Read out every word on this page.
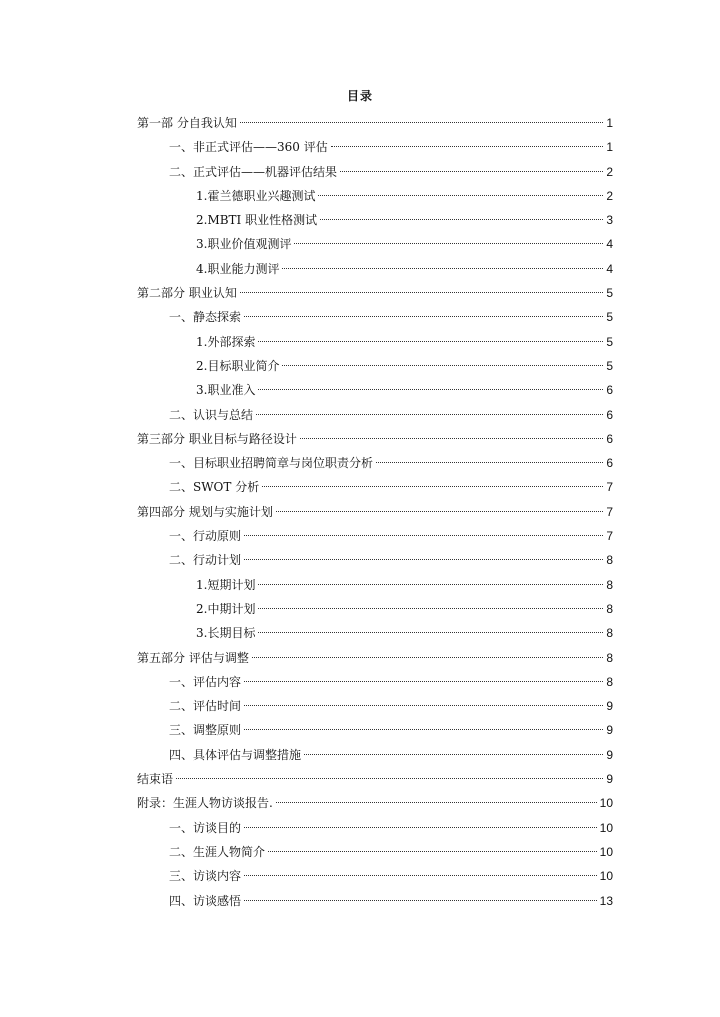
目录
第一部 分自我认知	1
一、非正式评估——360 评估	1
二、正式评估——机器评估结果	2
1.霍兰德职业兴趣测试	2
2.MBTI 职业性格测试	3
3.职业价值观测评	4
4.职业能力测评	4
第二部分 职业认知	5
一、静态探索	5
1.外部探索	5
2.目标职业简介	5
3.职业准入	6
二、认识与总结	6
第三部分 职业目标与路径设计	6
一、目标职业招聘简章与岗位职责分析	6
二、SWOT 分析	7
第四部分 规划与实施计划	7
一、行动原则	7
二、行动计划	8
1.短期计划	8
2.中期计划	8
3.长期目标	8
第五部分 评估与调整	8
一、评估内容	8
二、评估时间	9
三、调整原则	9
四、具体评估与调整措施	9
结束语	9
附录：生涯人物访谈报告.	10
一、访谈目的	10
二、生涯人物简介	10
三、访谈内容	10
四、访谈感悟	13
